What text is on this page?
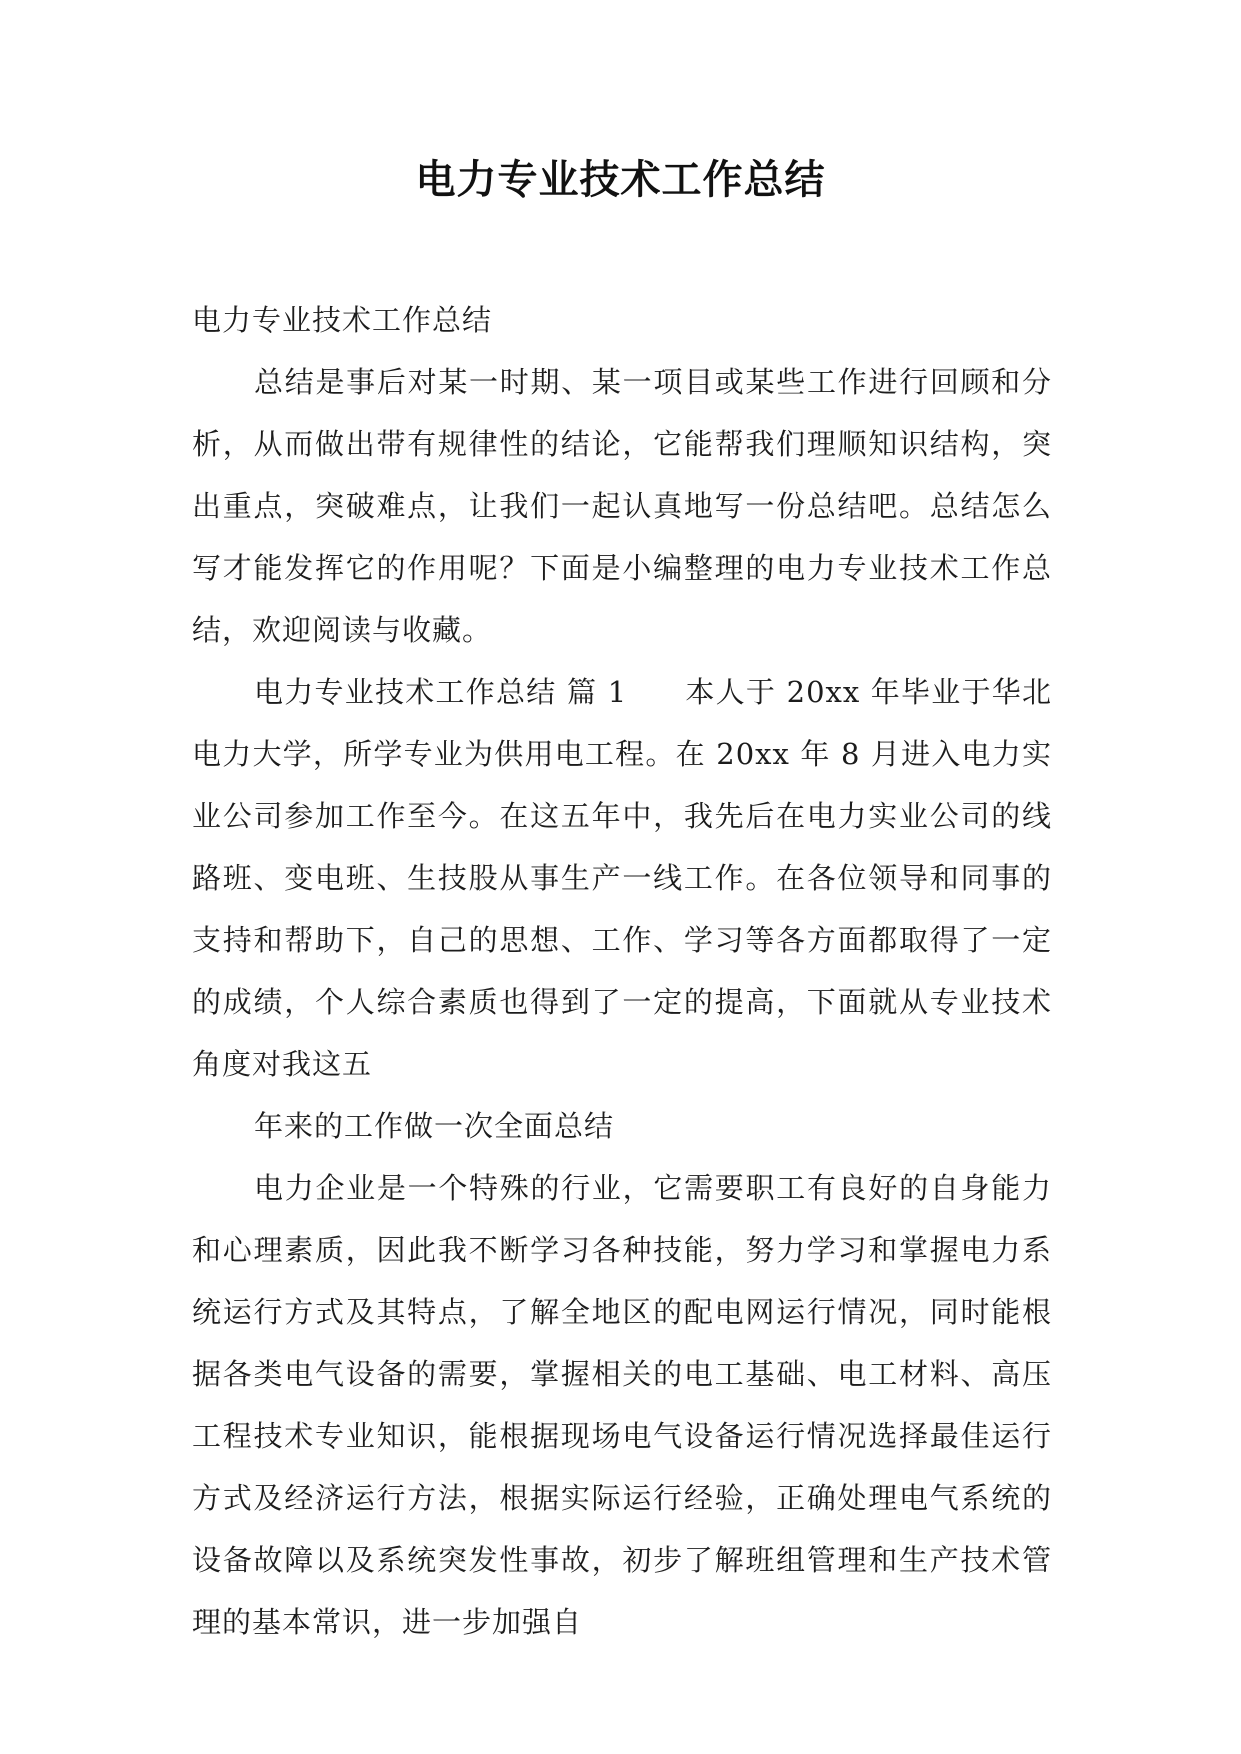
电力专业技术工作总结

电力专业技术工作总结

总结是事后对某一时期、某一项目或某些工作进行回顾和分析，从而做出带有规律性的结论，它能帮我们理顺知识结构，突出重点，突破难点，让我们一起认真地写一份总结吧。总结怎么写才能发挥它的作用呢？下面是小编整理的电力专业技术工作总结，欢迎阅读与收藏。

电力专业技术工作总结 篇 1 本人于 20xx 年毕业于华北电力大学，所学专业为供用电工程。在 20xx 年 8 月进入电力实业公司参加工作至今。在这五年中，我先后在电力实业公司的线路班、变电班、生技股从事生产一线工作。在各位领导和同事的支持和帮助下，自己的思想、工作、学习等各方面都取得了一定的成绩，个人综合素质也得到了一定的提高，下面就从专业技术角度对我这五

年来的工作做一次全面总结

电力企业是一个特殊的行业，它需要职工有良好的自身能力和心理素质，因此我不断学习各种技能，努力学习和掌握电力系统运行方式及其特点，了解全地区的配电网运行情况，同时能根据各类电气设备的需要，掌握相关的电工基础、电工材料、高压工程技术专业知识，能根据现场电气设备运行情况选择最佳运行方式及经济运行方法，根据实际运行经验，正确处理电气系统的设备故障以及系统突发性事故，初步了解班组管理和生产技术管理的基本常识，进一步加强自
